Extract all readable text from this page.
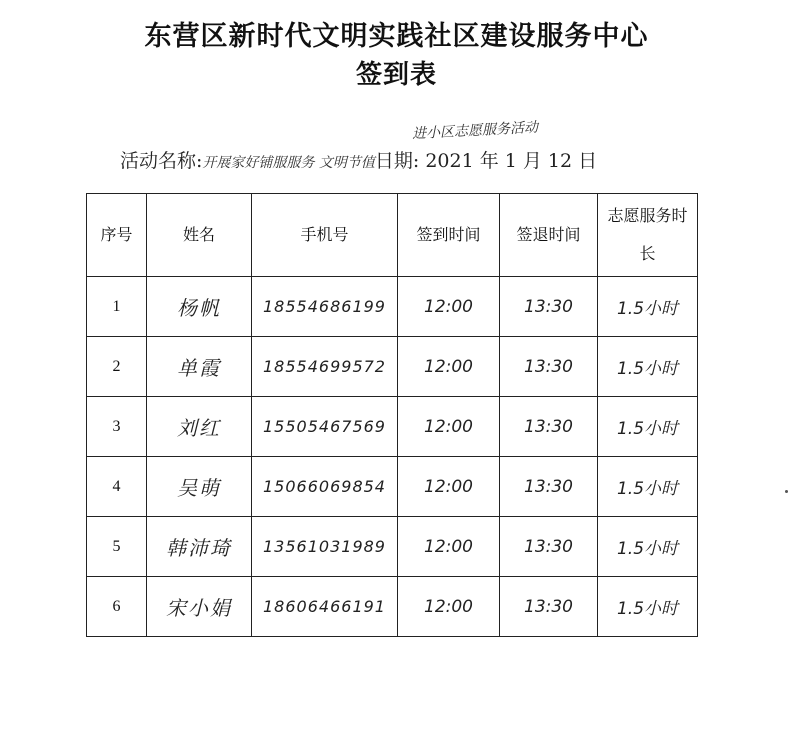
东营区新时代文明实践社区建设服务中心
签到表
进小区志愿服务活动
活动名称:开展家好铺服服务 文明节值日期: 2021 年 1 月 12 日
序号	姓名	手机号	签到时间	签退时间	志愿服务时长
1	杨帆	18554686199	12:00	13:30	1.5小时
2	单霞	18554699572	12:00	13:30	1.5小时
3	刘红	15505467569	12:00	13:30	1.5小时
4	吴萌	15066069854	12:00	13:30	1.5小时
5	韩沛琦	13561031989	12:00	13:30	1.5小时
6	宋小娟	18606466191	12:00	13:30	1.5小时
